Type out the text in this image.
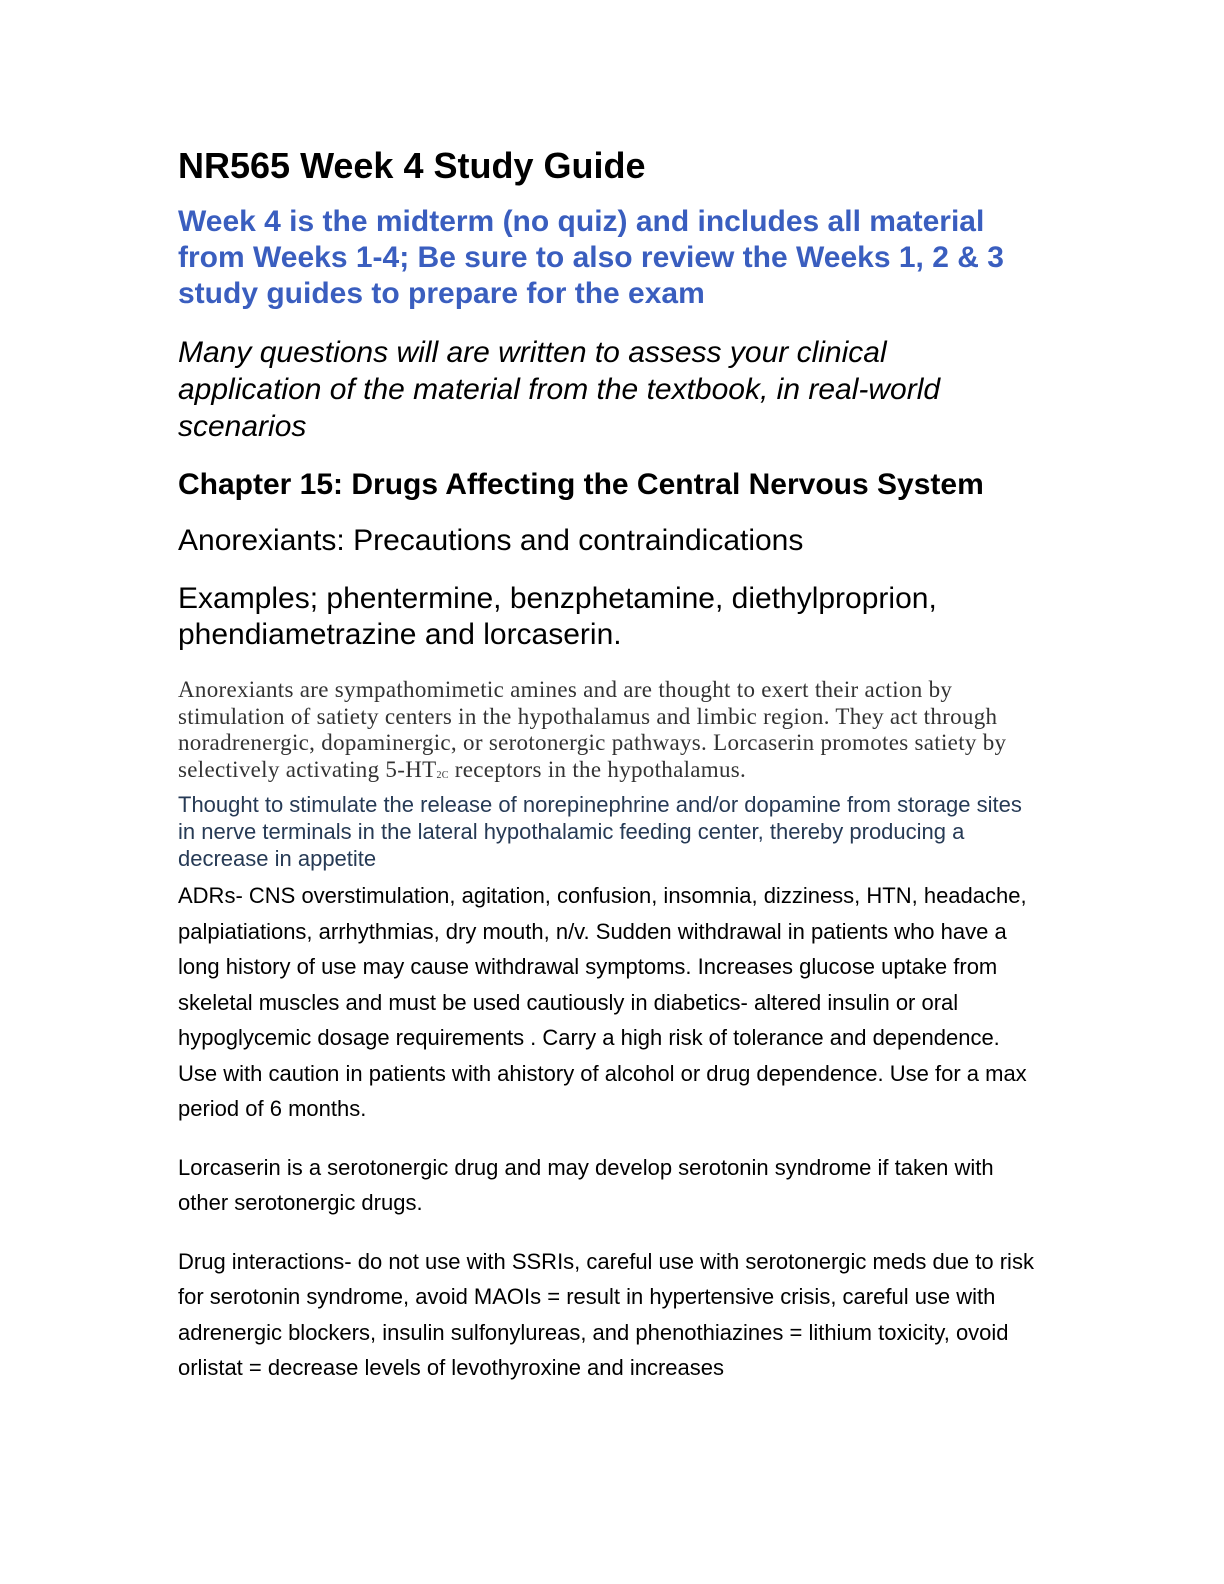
NR565 Week 4 Study Guide

Week 4 is the midterm (no quiz) and includes all material from Weeks 1-4; Be sure to also review the Weeks 1, 2 & 3 study guides to prepare for the exam

Many questions will are written to assess your clinical application of the material from the textbook, in real-world scenarios

Chapter 15: Drugs Affecting the Central Nervous System

Anorexiants: Precautions and contraindications

Examples; phentermine, benzphetamine, diethylproprion, phendiametrazine and lorcaserin.

Anorexiants are sympathomimetic amines and are thought to exert their action by stimulation of satiety centers in the hypothalamus and limbic region. They act through noradrenergic, dopaminergic, or serotonergic pathways. Lorcaserin promotes satiety by selectively activating $5-HT_{2C}$ receptors in the hypothalamus.

Thought to stimulate the release of norepinephrine and/or dopamine from storage sites in nerve terminals in the lateral hypothalamic feeding center, thereby producing a decrease in appetite

ADRs- CNS overstimulation, agitation, confusion, insomnia, dizziness, HTN, headache, palpiatiations, arrhythmias, dry mouth, n/v. Sudden withdrawal in patients who have a long history of use may cause withdrawal symptoms. Increases glucose uptake from skeletal muscles and must be used cautiously in diabetics- altered insulin or oral hypoglycemic dosage requirements . Carry a high risk of tolerance and dependence. Use with caution in patients with ahistory of alcohol or drug dependence. Use for a max period of 6 months.

Lorcaserin is a serotonergic drug and may develop serotonin syndrome if taken with other serotonergic drugs.

Drug interactions- do not use with SSRIs, careful use with serotonergic meds due to risk for serotonin syndrome, avoid MAOIs = result in hypertensive crisis, careful use with adrenergic blockers, insulin sulfonylureas, and phenothiazines = lithium toxicity, ovoid orlistat = decrease levels of levothyroxine and increases
